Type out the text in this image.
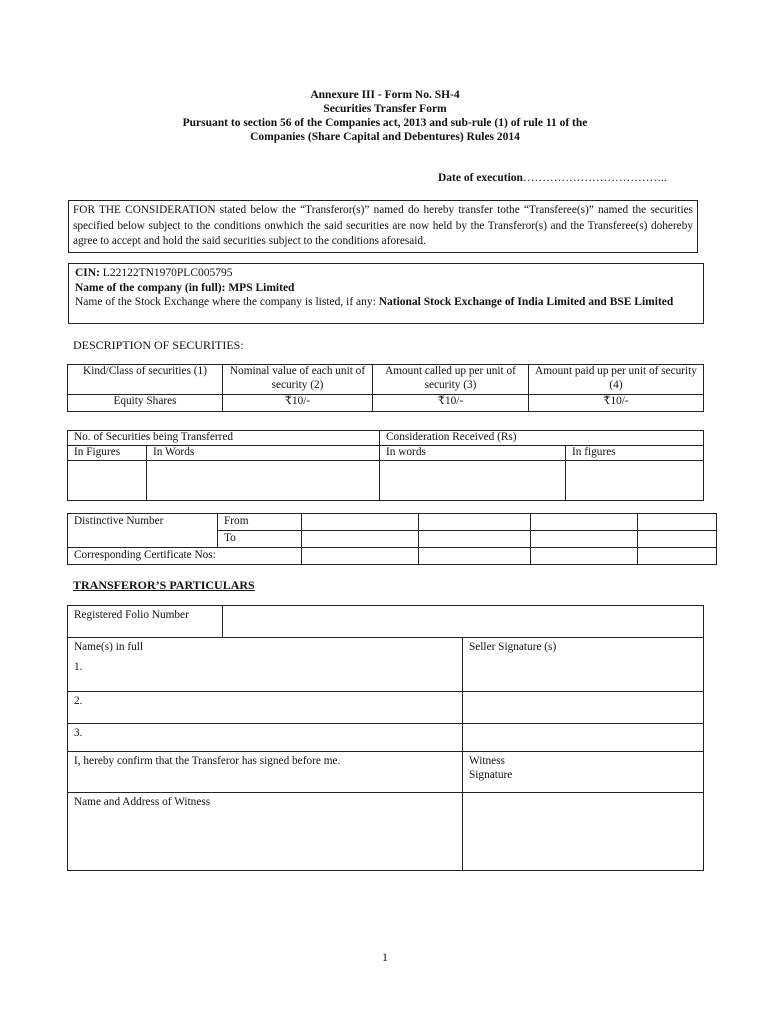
Annexure III - Form No. SH-4
Securities Transfer Form
Pursuant to section 56 of the Companies act, 2013 and sub-rule (1) of rule 11 of the
Companies (Share Capital and Debentures) Rules 2014
Date of execution………………………………..
FOR THE CONSIDERATION stated below the “Transferor(s)” named do hereby transfer tothe “Transferee(s)” named the securities specified below subject to the conditions onwhich the said securities are now held by the Transferor(s) and the Transferee(s) dohereby agree to accept and hold the said securities subject to the conditions aforesaid.
CIN: L22122TN1970PLC005795
Name of the company (in full): MPS Limited
Name of the Stock Exchange where the company is listed, if any: National Stock Exchange of India Limited and BSE Limited
DESCRIPTION OF SECURITIES:
Kind/Class of securities (1)	Nominal value of each unit of security (2)	Amount called up per unit of security (3)	Amount paid up per unit of security (4)
Equity Shares	₹10/-	₹10/-	₹10/-
No. of Securities being Transferred		Consideration Received (Rs)	
In Figures	In Words	In words	In figures

Distinctive Number	From				
	To				
Corresponding Certificate Nos:					
TRANSFEROR’S PARTICULARS
Registered Folio Number		
Name(s) in full		Seller Signature (s)
1.		
2.		
3.		
I, hereby confirm that the Transferor has signed before me.		Witness
Signature

Name and Address of Witness		
1
